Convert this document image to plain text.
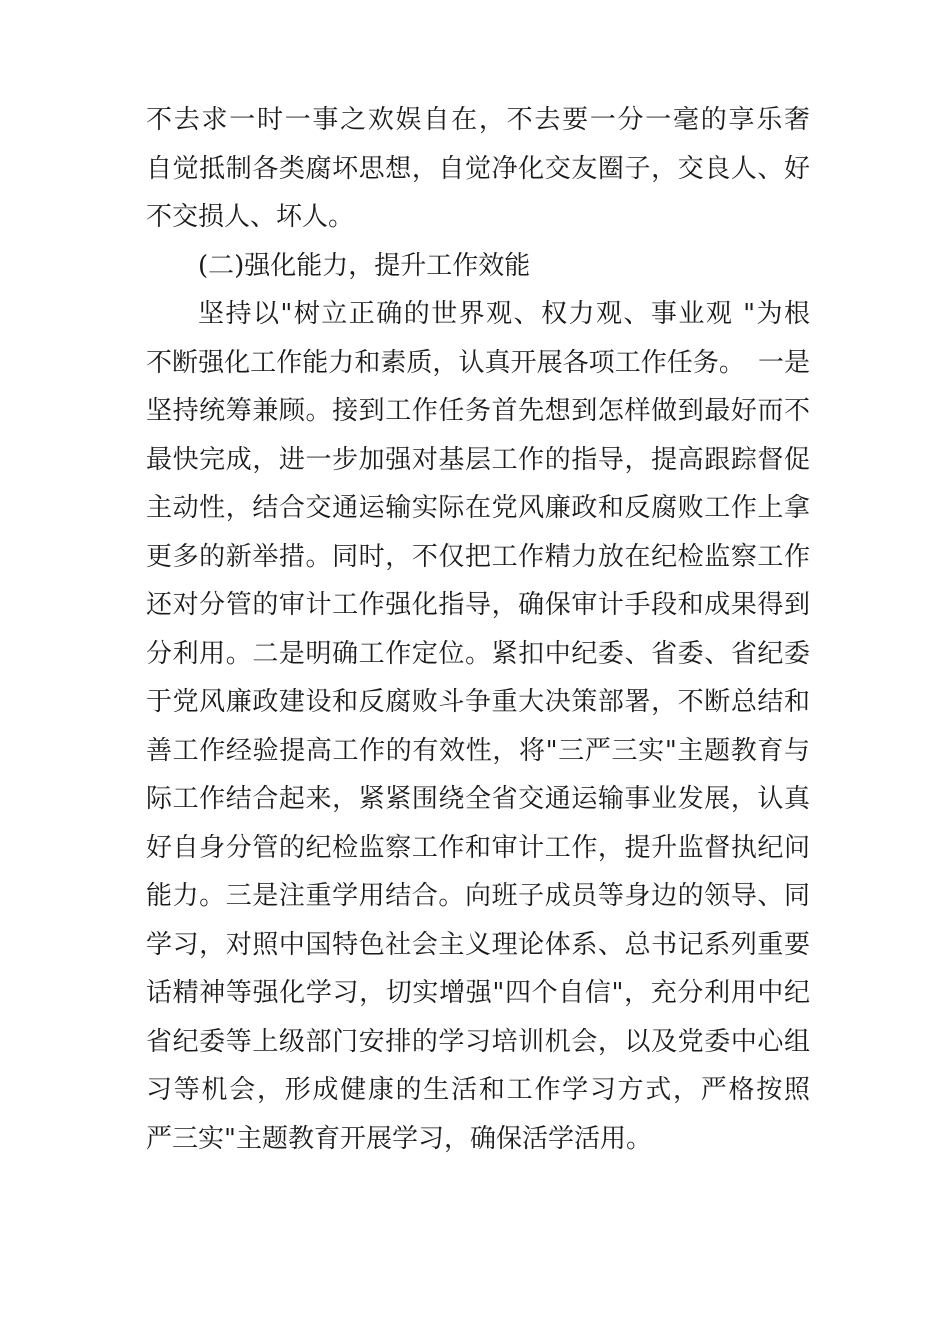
不去求一时一事之欢娱自在，不去要一分一毫的享乐奢
自觉抵制各类腐坏思想，自觉净化交友圈子，交良人、好
不交损人、坏人。
(二)强化能力，提升工作效能
坚持以"树立正确的世界观、权力观、事业观 "为根
不断强化工作能力和素质，认真开展各项工作任务。　一是
坚持统筹兼顾。接到工作任务首先想到怎样做到最好而不
最快完成，进一步加强对基层工作的指导，提高跟踪督促
主动性，结合交通运输实际在党风廉政和反腐败工作上拿
更多的新举措。同时，不仅把工作精力放在纪检监察工作
还对分管的审计工作强化指导，确保审计手段和成果得到
分利用。二是明确工作定位。紧扣中纪委、省委、省纪委
于党风廉政建设和反腐败斗争重大决策部署，不断总结和
善工作经验提高工作的有效性，将"三严三实"主题教育与
际工作结合起来，紧紧围绕全省交通运输事业发展，认真
好自身分管的纪检监察工作和审计工作，提升监督执纪问
能力。三是注重学用结合。向班子成员等身边的领导、同
学习，对照中国特色社会主义理论体系、总书记系列重要
话精神等强化学习，切实增强"四个自信"，充分利用中纪
省纪委等上级部门安排的学习培训机会，以及党委中心组
习等机会，形成健康的生活和工作学习方式，严格按照
严三实"主题教育开展学习，确保活学活用。
